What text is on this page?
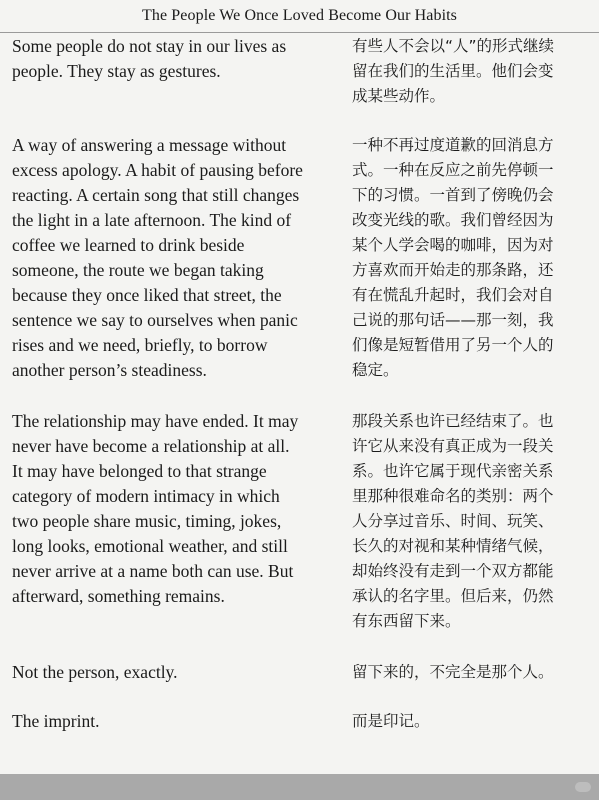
The People We Once Loved Become Our Habits
Some people do not stay in our lives as
people. They stay as gestures.
有些人不会以“人”的形式继续
留在我们的生活里。他们会变
成某些动作。
A way of answering a message without
excess apology. A habit of pausing before
reacting. A certain song that still changes
the light in a late afternoon. The kind of
coffee we learned to drink beside
someone, the route we began taking
because they once liked that street, the
sentence we say to ourselves when panic
rises and we need, briefly, to borrow
another person’s steadiness.
一种不再过度道歉的回消息方
式。一种在反应之前先停顿一
下的习惯。一首到了傍晚仍会
改变光线的歌。我们曾经因为
某个人学会喝的咖啡，因为对
方喜欢而开始走的那条路，还
有在慌乱升起时，我们会对自
己说的那句话——那一刻，我
们像是短暂借用了另一个人的
稳定。
The relationship may have ended. It may
never have become a relationship at all.
It may have belonged to that strange
category of modern intimacy in which
two people share music, timing, jokes,
long looks, emotional weather, and still
never arrive at a name both can use. But
afterward, something remains.
那段关系也许已经结束了。也
许它从来没有真正成为一段关
系。也许它属于现代亲密关系
里那种很难命名的类别：两个
人分享过音乐、时间、玩笑、
长久的对视和某种情绪气候，
却始终没有走到一个双方都能
承认的名字里。但后来，仍然
有东西留下来。
Not the person, exactly.	留下来的，不完全是那个人。
The imprint.	而是印记。
